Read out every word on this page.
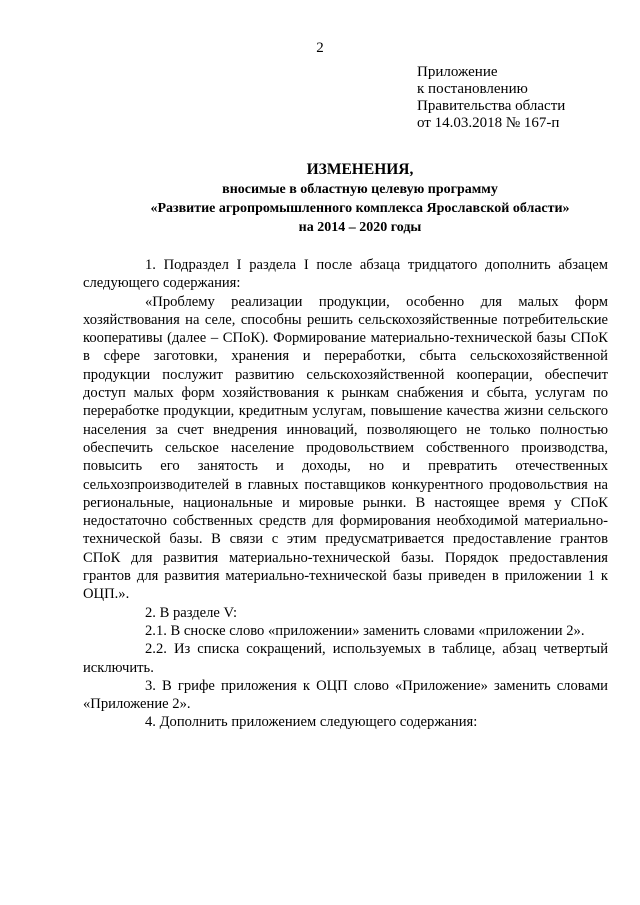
2
Приложение
к постановлению
Правительства области
от 14.03.2018 № 167-п
ИЗМЕНЕНИЯ,
вносимые в областную целевую программу
«Развитие агропромышленного комплекса Ярославской области»
на 2014 – 2020 годы

1. Подраздел I раздела I после абзаца тридцатого дополнить абзацем следующего содержания:

«Проблему реализации продукции, особенно для малых форм хозяйствования на селе, способны решить сельскохозяйственные потребительские кооперативы (далее – СПоК). Формирование материально-технической базы СПоК в сфере заготовки, хранения и переработки, сбыта сельскохозяйственной продукции послужит развитию сельскохозяйственной кооперации, обеспечит доступ малых форм хозяйствования к рынкам снабжения и сбыта, услугам по переработке продукции, кредитным услугам, повышение качества жизни сельского населения за счет внедрения инноваций, позволяющего не только полностью обеспечить сельское население продовольствием собственного производства, повысить его занятость и доходы, но и превратить отечественных сельхозпроизводителей в главных поставщиков конкурентного продовольствия на региональные, национальные и мировые рынки. В настоящее время у СПоК недостаточно собственных средств для формирования необходимой материально-технической базы. В связи с этим предусматривается предоставление грантов СПоК для развития материально-технической базы. Порядок предоставления грантов для развития материально-технической базы приведен в приложении 1 к ОЦП.».

2. В разделе V:

2.1. В сноске слово «приложении» заменить словами «приложении 2».

2.2. Из списка сокращений, используемых в таблице, абзац четвертый исключить.

3. В грифе приложения к ОЦП слово «Приложение» заменить словами «Приложение 2».

4. Дополнить приложением следующего содержания:
